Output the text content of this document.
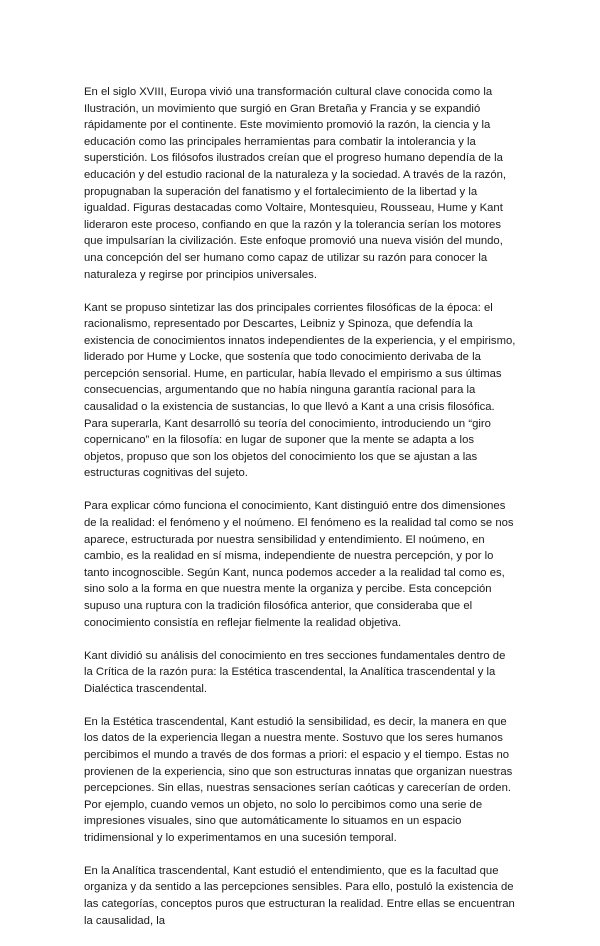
En el siglo XVIII, Europa vivió una transformación cultural clave conocida como la Ilustración, un movimiento que surgió en Gran Bretaña y Francia y se expandió rápidamente por el continente. Este movimiento promovió la razón, la ciencia y la educación como las principales herramientas para combatir la intolerancia y la superstición. Los filósofos ilustrados creían que el progreso humano dependía de la educación y del estudio racional de la naturaleza y la sociedad. A través de la razón, propugnaban la superación del fanatismo y el fortalecimiento de la libertad y la igualdad. Figuras destacadas como Voltaire, Montesquieu, Rousseau, Hume y Kant lideraron este proceso, confiando en que la razón y la tolerancia serían los motores que impulsarían la civilización. Este enfoque promovió una nueva visión del mundo, una concepción del ser humano como capaz de utilizar su razón para conocer la naturaleza y regirse por principios universales.

Kant se propuso sintetizar las dos principales corrientes filosóficas de la época: el racionalismo, representado por Descartes, Leibniz y Spinoza, que defendía la existencia de conocimientos innatos independientes de la experiencia, y el empirismo, liderado por Hume y Locke, que sostenía que todo conocimiento derivaba de la percepción sensorial. Hume, en particular, había llevado el empirismo a sus últimas consecuencias, argumentando que no había ninguna garantía racional para la causalidad o la existencia de sustancias, lo que llevó a Kant a una crisis filosófica. Para superarla, Kant desarrolló su teoría del conocimiento, introduciendo un “giro copernicano” en la filosofía: en lugar de suponer que la mente se adapta a los objetos, propuso que son los objetos del conocimiento los que se ajustan a las estructuras cognitivas del sujeto.

Para explicar cómo funciona el conocimiento, Kant distinguió entre dos dimensiones de la realidad: el fenómeno y el noúmeno. El fenómeno es la realidad tal como se nos aparece, estructurada por nuestra sensibilidad y entendimiento. El noúmeno, en cambio, es la realidad en sí misma, independiente de nuestra percepción, y por lo tanto incognoscible. Según Kant, nunca podemos acceder a la realidad tal como es, sino solo a la forma en que nuestra mente la organiza y percibe. Esta concepción supuso una ruptura con la tradición filosófica anterior, que consideraba que el conocimiento consistía en reflejar fielmente la realidad objetiva.

Kant dividió su análisis del conocimiento en tres secciones fundamentales dentro de la Crítica de la razón pura: la Estética trascendental, la Analítica trascendental y la Dialéctica trascendental.

En la Estética trascendental, Kant estudió la sensibilidad, es decir, la manera en que los datos de la experiencia llegan a nuestra mente. Sostuvo que los seres humanos percibimos el mundo a través de dos formas a priori: el espacio y el tiempo. Estas no provienen de la experiencia, sino que son estructuras innatas que organizan nuestras percepciones. Sin ellas, nuestras sensaciones serían caóticas y carecerían de orden. Por ejemplo, cuando vemos un objeto, no solo lo percibimos como una serie de impresiones visuales, sino que automáticamente lo situamos en un espacio tridimensional y lo experimentamos en una sucesión temporal.

En la Analítica trascendental, Kant estudió el entendimiento, que es la facultad que organiza y da sentido a las percepciones sensibles. Para ello, postuló la existencia de las categorías, conceptos puros que estructuran la realidad. Entre ellas se encuentran la causalidad, la
